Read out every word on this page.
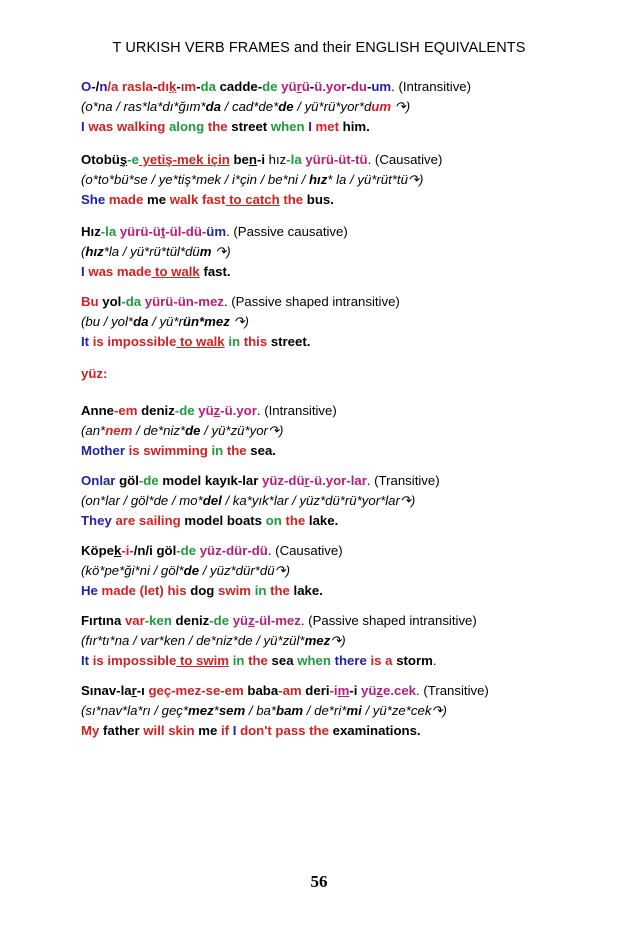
T URKISH VERB FRAMES and their ENGLISH EQUIVALENTS
O-/n/a rasla-dıķ-ım-da cadde-de yürü-ü.yor-du-um. (Intransitive)
(o*na / ras*la*dı*ğım*da / cad*de*de / yü*rü*yor*dum ↷)
I was walking along the street when I met him.
Otobüş-e yetiş-mek için ben-i hız-la yürü-üt-tü. (Causative)
(o*to*bü*se / ye*tiş*mek / i*çin / be*ni / hız* la / yü*rüt*tü↷)
She made me walk fast to catch the bus.
Hız-la yürü-üţ-ül-dü-üm. (Passive causative)
(hız*la / yü*rü*tül*düm ↷)
I was made to walk fast.
Bu yol-da yürü-ün-mez. (Passive shaped intransitive)
(bu / yol*da / yü*rün*mez ↷)
It is impossible to walk in this street.
yüz:
Anne-em deniz-de yüz-ü.yor. (Intransitive)
(an*nem / de*niz*de / yü*zü*yor↷)
Mother is swimming in the sea.
Onlar göl-de model kayık-lar yüz-dür-ü.yor-lar. (Transitive)
(on*lar / göl*de / mo*del / ka*yık*lar / yüz*dü*rü*yor*lar↷)
They are sailing model boats on the lake.
Köpek-i-/n/i göl-de yüz-dür-dü. (Causative)
(kö*pe*ği*ni / göl*de / yüz*dür*dü↷)
He made (let) his dog swim in the lake.
Fırtına var-ken deniz-de yüz-ül-mez. (Passive shaped intransitive)
(fır*tı*na / var*ken / de*niz*de / yü*zül*mez↷)
It is impossible to swim in the sea when there is a storm.
Sınav-lar-ı geç-mez-se-em baba-am deri-im-i yüze.cek. (Transitive)
(sı*nav*la*rı / geç*mez*sem / ba*bam / de*ri*mi / yü*ze*cek↷)
My father will skin me if I don't pass the examinations.
56
